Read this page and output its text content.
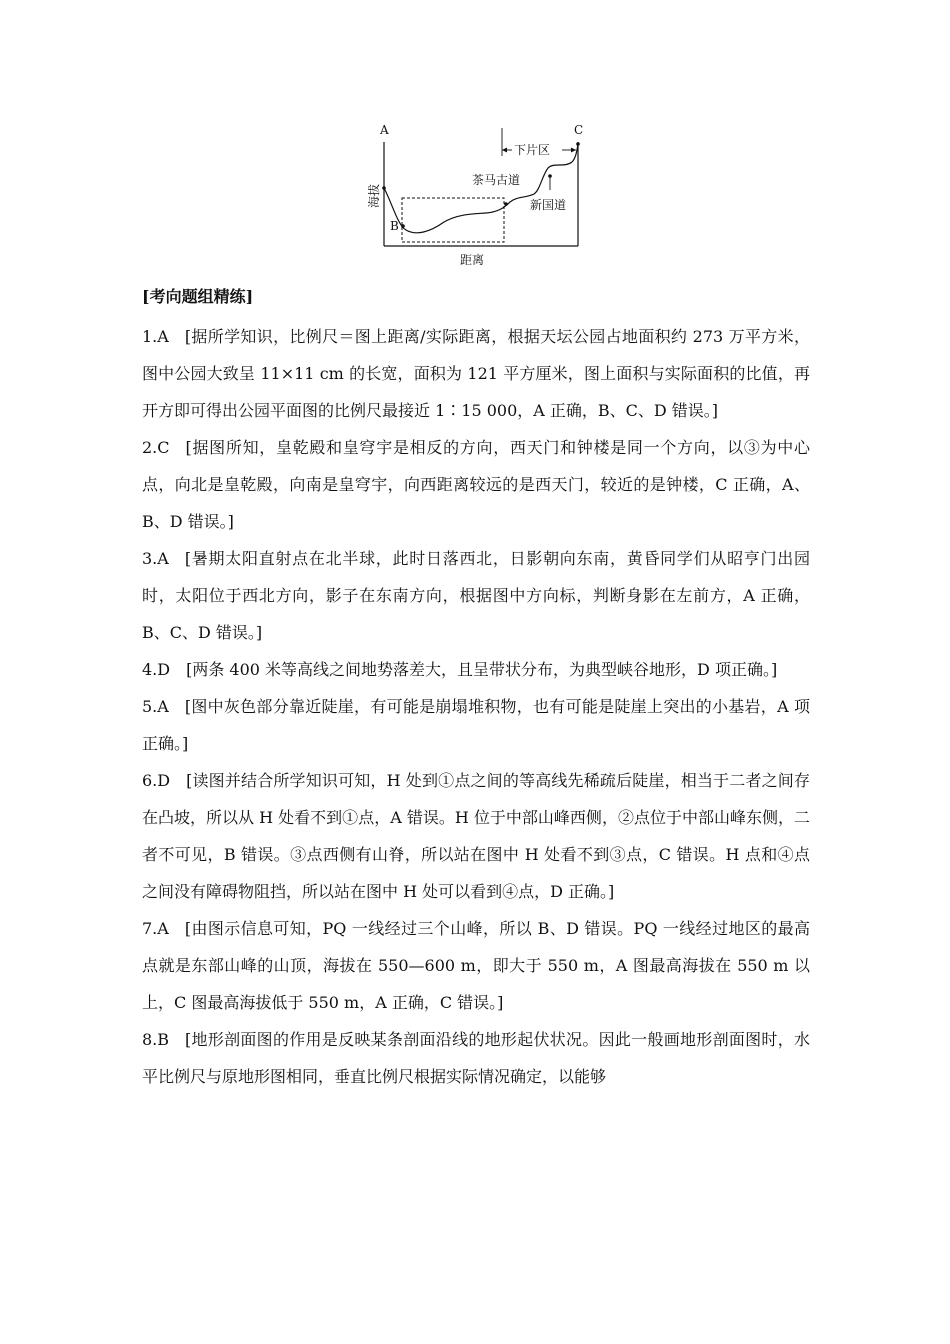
A
B
C
下片区
茶马古道
新国道
距离
海拔
[考向题组精练]
1.A [据所学知识，比例尺＝图上距离/实际距离，根据天坛公园占地面积约 273 万平方米，图中公园大致呈 11×11 cm 的长宽，面积为 121 平方厘米，图上面积与实际面积的比值，再开方即可得出公园平面图的比例尺最接近 1∶15 000，A 正确，B、C、D 错误。]
2.C [据图所知，皇乾殿和皇穹宇是相反的方向，西天门和钟楼是同一个方向，以③为中心点，向北是皇乾殿，向南是皇穹宇，向西距离较远的是西天门，较近的是钟楼，C 正确，A、B、D 错误。]
3.A [暑期太阳直射点在北半球，此时日落西北，日影朝向东南，黄昏同学们从昭亨门出园时，太阳位于西北方向，影子在东南方向，根据图中方向标，判断身影在左前方，A 正确，B、C、D 错误。]
4.D [两条 400 米等高线之间地势落差大，且呈带状分布，为典型峡谷地形，D 项正确。]
5.A [图中灰色部分靠近陡崖，有可能是崩塌堆积物，也有可能是陡崖上突出的小基岩，A 项正确。]
6.D [读图并结合所学知识可知，H 处到①点之间的等高线先稀疏后陡崖，相当于二者之间存在凸坡，所以从 H 处看不到①点，A 错误。H 位于中部山峰西侧，②点位于中部山峰东侧，二者不可见，B 错误。③点西侧有山脊，所以站在图中 H 处看不到③点，C 错误。H 点和④点之间没有障碍物阻挡，所以站在图中 H 处可以看到④点，D 正确。]
7.A [由图示信息可知，PQ 一线经过三个山峰，所以 B、D 错误。PQ 一线经过地区的最高点就是东部山峰的山顶，海拔在 550—600 m，即大于 550 m，A 图最高海拔在 550 m 以上，C 图最高海拔低于 550 m，A 正确，C 错误。]
8.B [地形剖面图的作用是反映某条剖面沿线的地形起伏状况。因此一般画地形剖面图时，水平比例尺与原地形图相同，垂直比例尺根据实际情况确定，以能够
